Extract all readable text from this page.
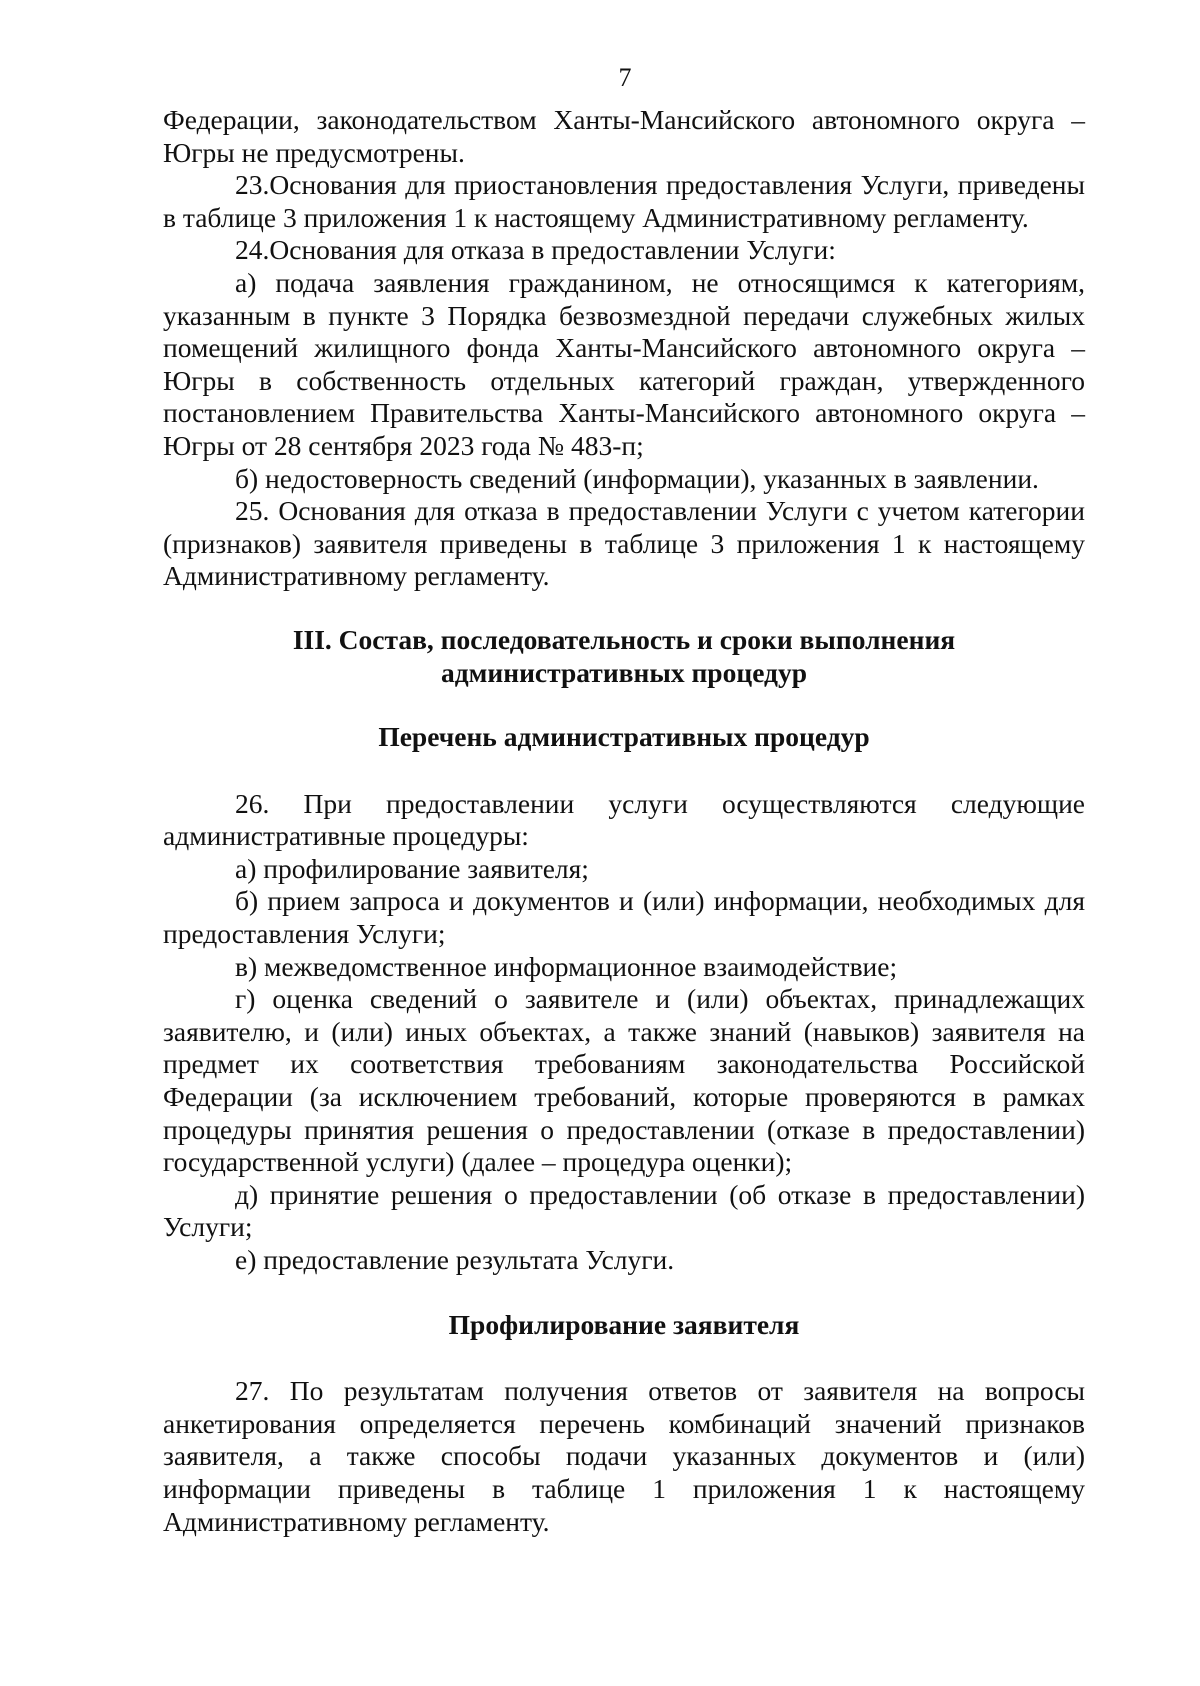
7

Федерации, законодательством Ханты-Мансийского автономного округа – Югры не предусмотрены.

23.Основания для приостановления предоставления Услуги, приведены в таблице 3 приложения 1 к настоящему Административному регламенту.

24.Основания для отказа в предоставлении Услуги:

а) подача заявления гражданином, не относящимся к категориям, указанным в пункте 3 Порядка безвозмездной передачи служебных жилых помещений жилищного фонда Ханты-Мансийского автономного округа – Югры в собственность отдельных категорий граждан, утвержденного постановлением Правительства Ханты-Мансийского автономного округа – Югры от 28 сентября 2023 года № 483-п;

б) недостоверность сведений (информации), указанных в заявлении.

25. Основания для отказа в предоставлении Услуги с учетом категории (признаков) заявителя приведены в таблице 3 приложения 1 к настоящему Административному регламенту.

III. Состав, последовательность и сроки выполнения

административных процедур

Перечень административных процедур

26. При предоставлении услуги осуществляются следующие административные процедуры:

а) профилирование заявителя;

б) прием запроса и документов и (или) информации, необходимых для предоставления Услуги;

в) межведомственное информационное взаимодействие;

г) оценка сведений о заявителе и (или) объектах, принадлежащих заявителю, и (или) иных объектах, а также знаний (навыков) заявителя на предмет их соответствия требованиям законодательства Российской Федерации (за исключением требований, которые проверяются в рамках процедуры принятия решения о предоставлении (отказе в предоставлении) государственной услуги) (далее – процедура оценки);

д) принятие решения о предоставлении (об отказе в предоставлении) Услуги;

е) предоставление результата Услуги.

Профилирование заявителя

27. По результатам получения ответов от заявителя на вопросы анкетирования определяется перечень комбинаций значений признаков заявителя, а также способы подачи указанных документов и (или) информации приведены в таблице 1 приложения 1 к настоящему Административному регламенту.
